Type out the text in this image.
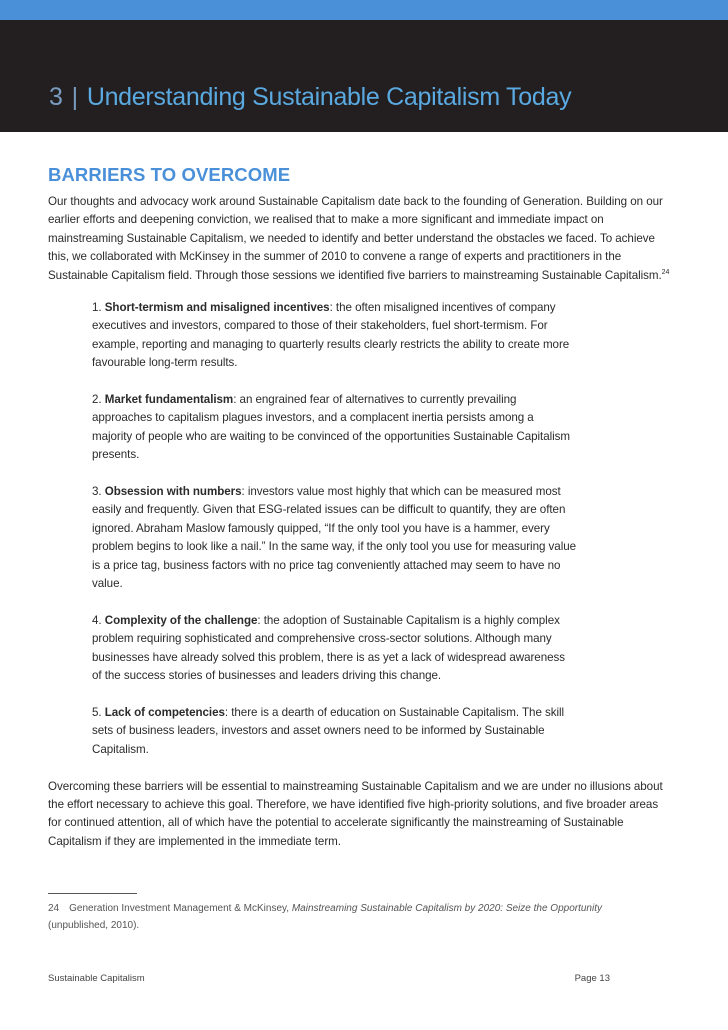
3 | Understanding Sustainable Capitalism Today
BARRIERS TO OVERCOME

Our thoughts and advocacy work around Sustainable Capitalism date back to the founding of Generation. Building on our earlier efforts and deepening conviction, we realised that to make a more significant and immediate impact on mainstreaming Sustainable Capitalism, we needed to identify and better understand the obstacles we faced. To achieve this, we collaborated with McKinsey in the summer of 2010 to convene a range of experts and practitioners in the Sustainable Capitalism field. Through those sessions we identified five barriers to mainstreaming Sustainable Capitalism.$^{24}$

1. Short-termism and misaligned incentives: the often misaligned incentives of company executives and investors, compared to those of their stakeholders, fuel short-termism. For example, reporting and managing to quarterly results clearly restricts the ability to create more favourable long-term results.

2. Market fundamentalism: an engrained fear of alternatives to currently prevailing approaches to capitalism plagues investors, and a complacent inertia persists among a majority of people who are waiting to be convinced of the opportunities Sustainable Capitalism presents.

3. Obsession with numbers: investors value most highly that which can be measured most easily and frequently. Given that ESG-related issues can be difficult to quantify, they are often ignored. Abraham Maslow famously quipped, “If the only tool you have is a hammer, every problem begins to look like a nail.” In the same way, if the only tool you use for measuring value is a price tag, business factors with no price tag conveniently attached may seem to have no value.

4. Complexity of the challenge: the adoption of Sustainable Capitalism is a highly complex problem requiring sophisticated and comprehensive cross-sector solutions. Although many businesses have already solved this problem, there is as yet a lack of widespread awareness of the success stories of businesses and leaders driving this change.

5. Lack of competencies: there is a dearth of education on Sustainable Capitalism. The skill sets of business leaders, investors and asset owners need to be informed by Sustainable Capitalism.

Overcoming these barriers will be essential to mainstreaming Sustainable Capitalism and we are under no illusions about the effort necessary to achieve this goal. Therefore, we have identified five high-priority solutions, and five broader areas for continued attention, all of which have the potential to accelerate significantly the mainstreaming of Sustainable Capitalism if they are implemented in the immediate term.

24 Generation Investment Management & McKinsey, Mainstreaming Sustainable Capitalism by 2020: Seize the Opportunity (unpublished, 2010).
Sustainable Capitalism	Page 13
